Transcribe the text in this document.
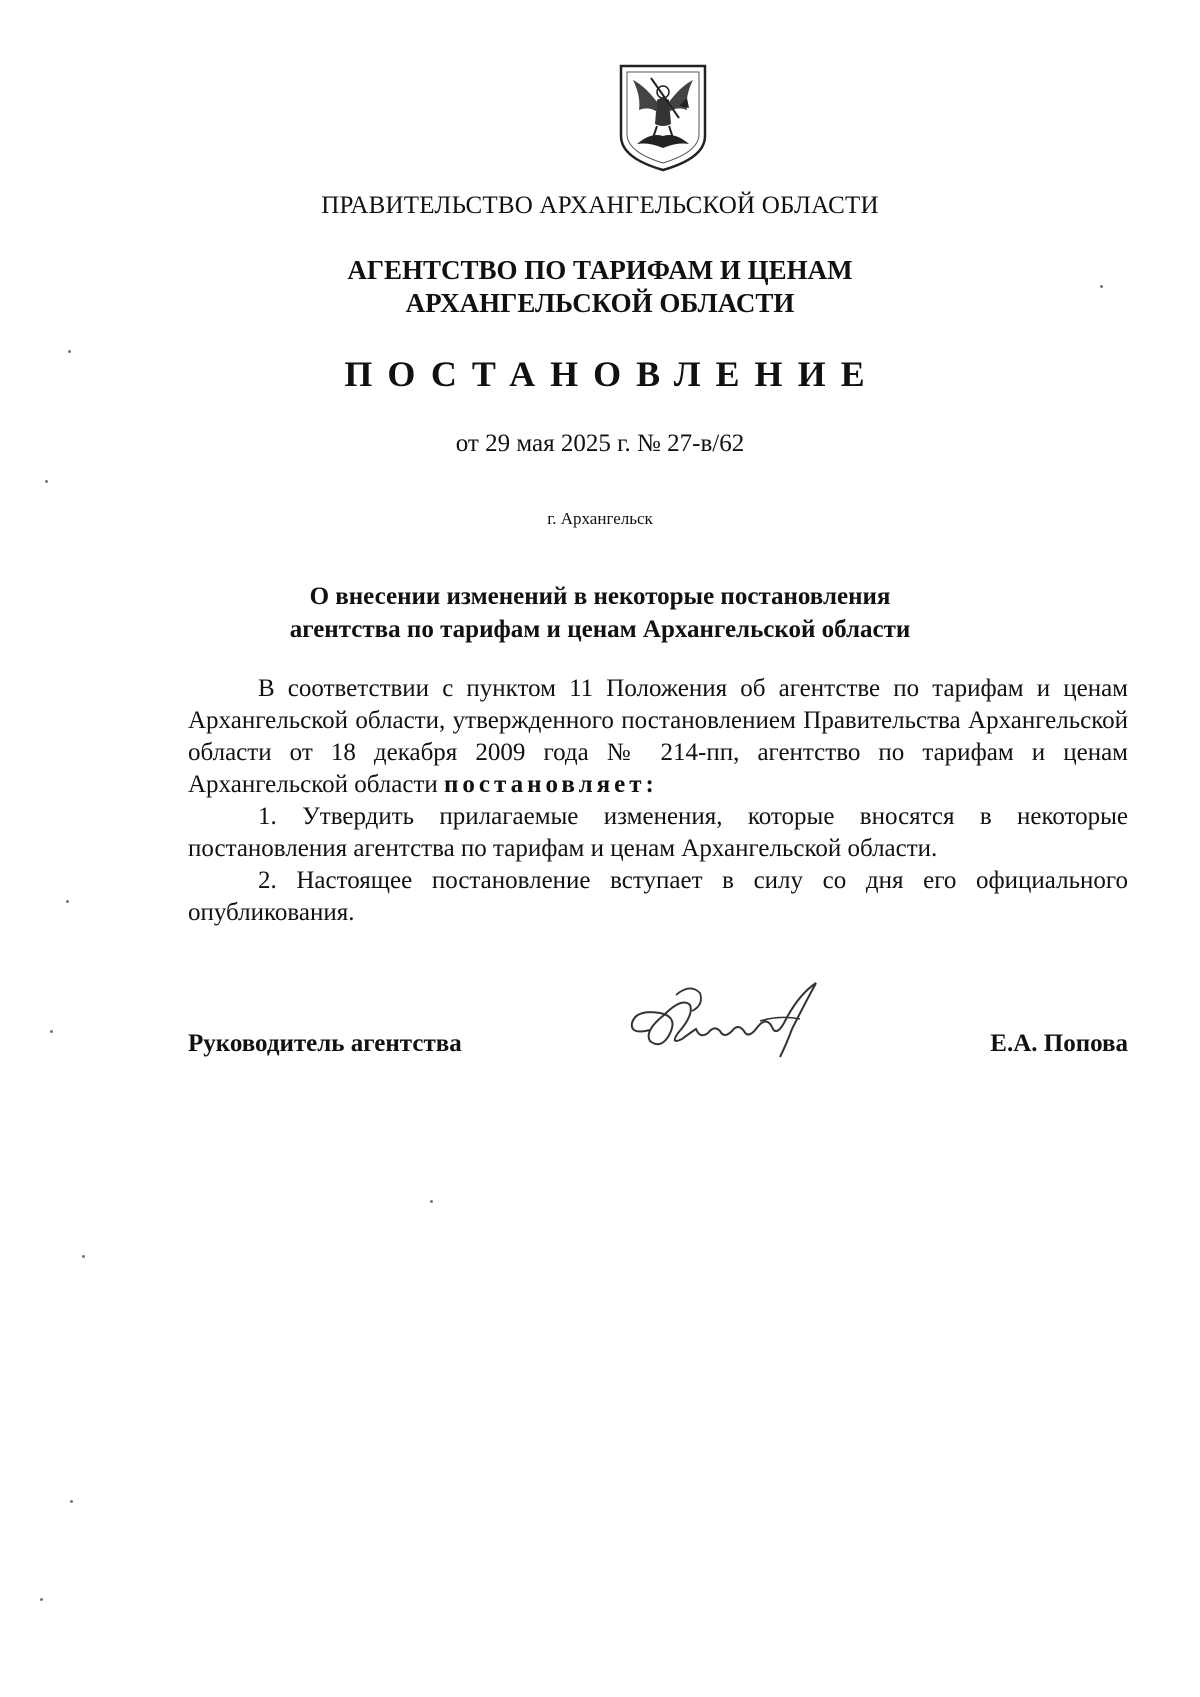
ПРАВИТЕЛЬСТВО АРХАНГЕЛЬСКОЙ ОБЛАСТИ
АГЕНТСТВО ПО ТАРИФАМ И ЦЕНАМ
АРХАНГЕЛЬСКОЙ ОБЛАСТИ
ПОСТАНОВЛЕНИЕ
от 29 мая 2025 г. № 27-в/62
г. Архангельск
О внесении изменений в некоторые постановления
агентства по тарифам и ценам Архангельской области

В соответствии с пунктом 11 Положения об агентстве по тарифам и ценам Архангельской области, утвержденного постановлением Правительства Архангельской области от 18 декабря 2009 года № 214-пп, агентство по тарифам и ценам Архангельской области постановляет:

1. Утвердить прилагаемые изменения, которые вносятся в некоторые постановления агентства по тарифам и ценам Архангельской области.

2. Настоящее постановление вступает в силу со дня его официального опубликования.

Руководитель агентства	Е.А. Попова
